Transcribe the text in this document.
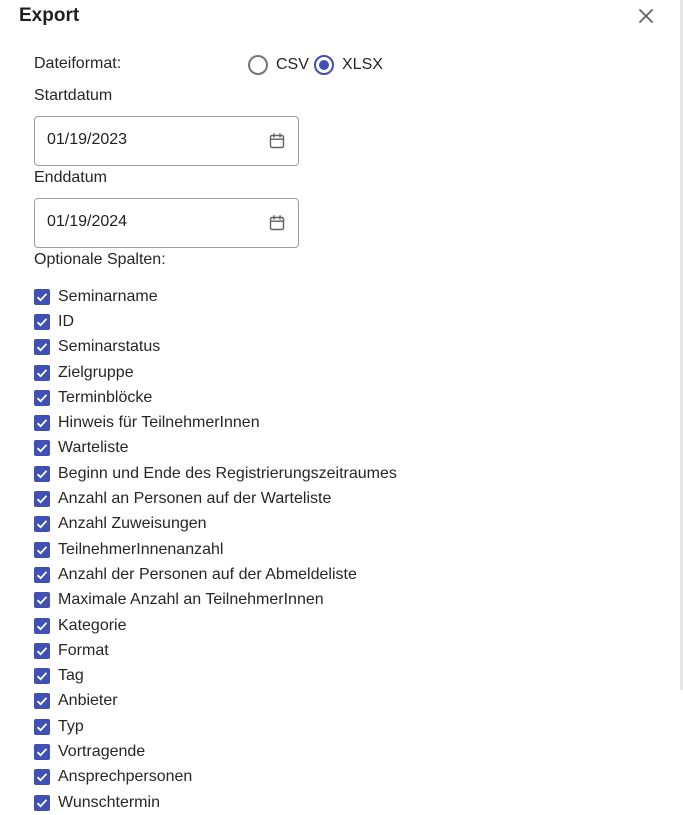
Export
Dateiformat:	CSV XLSX
Startdatum
01/19/2023
Enddatum
01/19/2024
Optionale Spalten:
Seminarname
ID
Seminarstatus
Zielgruppe
Terminblöcke
Hinweis für TeilnehmerInnen
Warteliste
Beginn und Ende des Registrierungszeitraumes
Anzahl an Personen auf der Warteliste
Anzahl Zuweisungen
TeilnehmerInnenanzahl
Anzahl der Personen auf der Abmeldeliste
Maximale Anzahl an TeilnehmerInnen
Kategorie
Format
Tag
Anbieter
Typ
Vortragende
Ansprechpersonen
Wunschtermin
